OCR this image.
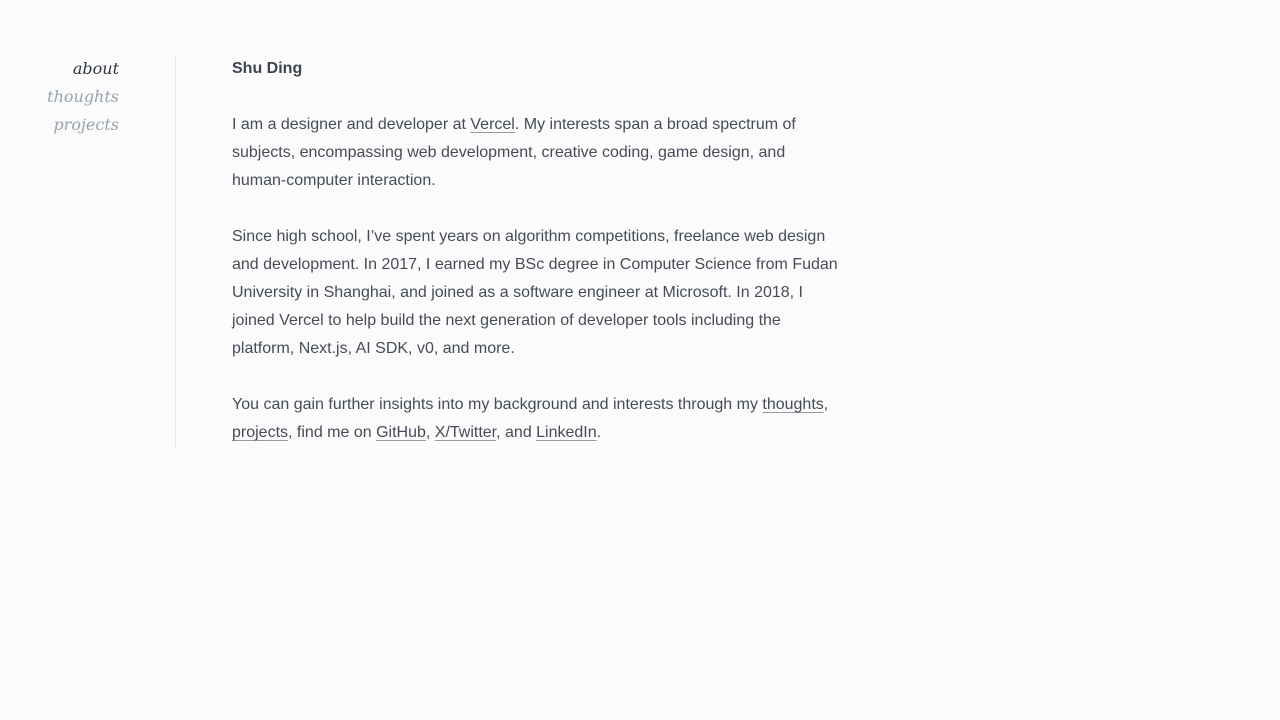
about
thoughts
projects
Shu Ding

I am a designer and developer at Vercel. My interests span a broad spectrum of subjects, encompassing web development, creative coding, game design, and human-computer interaction.

Since high school, I’ve spent years on algorithm competitions, freelance web design and development. In 2017, I earned my BSc degree in Computer Science from Fudan University in Shanghai, and joined as a software engineer at Microsoft. In 2018, I joined Vercel to help build the next generation of developer tools including the platform, Next.js, AI SDK, v0, and more.

You can gain further insights into my background and interests through my thoughts, projects, find me on GitHub, X/Twitter, and LinkedIn.
